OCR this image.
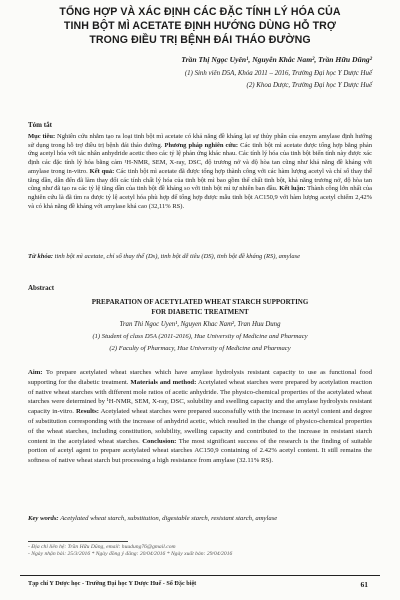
TỔNG HỢP VÀ XÁC ĐỊNH CÁC ĐẶC TÍNH LÝ HÓA CỦA
TINH BỘT MÌ ACETATE ĐỊNH HƯỚNG DÙNG HỖ TRỢ
TRONG ĐIỀU TRỊ BỆNH ĐÁI THÁO ĐƯỜNG
Trần Thị Ngọc Uyên¹, Nguyễn Khắc Nam², Trần Hữu Dũng²
(1) Sinh viên D5A, Khóa 2011 – 2016, Trường Đại học Y Dược Huế
(2) Khoa Dược, Trường Đại học Y Dược Huế
Tóm tắt
Mục tiêu: Nghiên cứu nhằm tạo ra loại tinh bột mì acetate có khả năng đề kháng lại sự thủy phân của enzym amylase định hướng sử dụng trong hỗ trợ điều trị bệnh đái tháo đường. Phương pháp nghiên cứu: Các tinh bột mì acetate được tổng hợp bằng phản ứng acetyl hóa với tác nhân anhydride acetic theo các tỷ lệ phản ứng khác nhau. Các tính lý hóa của tinh bột biến tính này được xác định các đặc tính lý hóa bằng cảm ¹H-NMR, SEM, X-ray, DSC, độ trương nở và độ hòa tan cũng như khả năng đề kháng với amylase trong in-vitro. Kết quả: Các tinh bột mì acetate đã được tổng hợp thành công với các hàm lượng acetyl và chỉ số thay thế tăng dần, dẫn đến đã làm thay đổi các tính chất lý hóa của tinh bột mì bao gồm thể chất tinh bột, khả năng trương nở, độ hòa tan cũng như đã tạo ra các tỷ lệ tăng dần của tinh bột đề kháng so với tinh bột mì tự nhiên ban đầu. Kết luận: Thành công lớn nhất của nghiên cứu là đã tìm ra được tỷ lệ acetyl hóa phù hợp để tổng hợp được mẫu tinh bột AC150,9 với hàm lượng acetyl chiếm 2,42% và có khả năng đề kháng với amylase khá cao (32,11% RS).
Từ khóa: tinh bột mì acetate, chỉ số thay thế (Ds), tinh bột dễ tiêu (DS), tinh bột đề kháng (RS), amylase
Abstract
PREPARATION OF ACETYLATED WHEAT STARCH SUPPORTING
FOR DIABETIC TREATMENT
Tran Thi Ngoc Uyen¹, Nguyen Khac Nam², Tran Huu Dung
(1) Student of class D5A (2011-2016), Hue University of Medicine and Pharmacy
(2) Faculty of Pharmacy, Hue University of Medicine and Pharmacy
Aim: To prepare acetylated wheat starches which have amylase hydrolysis resistant capacity to use as functional food supporting for the diabetic treatment. Materials and method: Acetylated wheat starches were prepared by acetylation reaction of native wheat starches with different mole ratios of acetic anhydride. The physico-chemical properties of the acetylated wheat starches were determined by ¹H-NMR, SEM, X-ray, DSC, solubility and swelling capacity and the amylase hydrolysis resistant capacity in-vitro. Results: Acetylated wheat starches were prepared successfully with the increase in acetyl content and degree of substitution corresponding with the increase of anhydrid acetic, which resulted in the change of physico-chemical properties of the wheat starches, including constitution, solubility, swelling capacity and contributed to the increase in resistant starch content in the acetylated wheat starches. Conclusion: The most significant success of the research is the finding of suitable portion of acetyl agent to prepare acetylated wheat starches AC150,9 containing of 2.42% acetyl content. It still remains the softness of native wheat starch but processing a high resistance from amylase (32.11% RS).
Key words: Acetylated wheat starch, substitution, digestable starch, resistant starch, amylase
- Địa chỉ liên hệ: Trần Hữu Dũng, email: huudung76@gmail.com
- Ngày nhận bài: 25/3/2016 * Ngày đồng ý đăng: 20/04/2016 * Ngày xuất bản: 29/04/2016
Tạp chí Y Dược học - Trường Đại học Y Dược Huế - Số Đặc biệt	61
